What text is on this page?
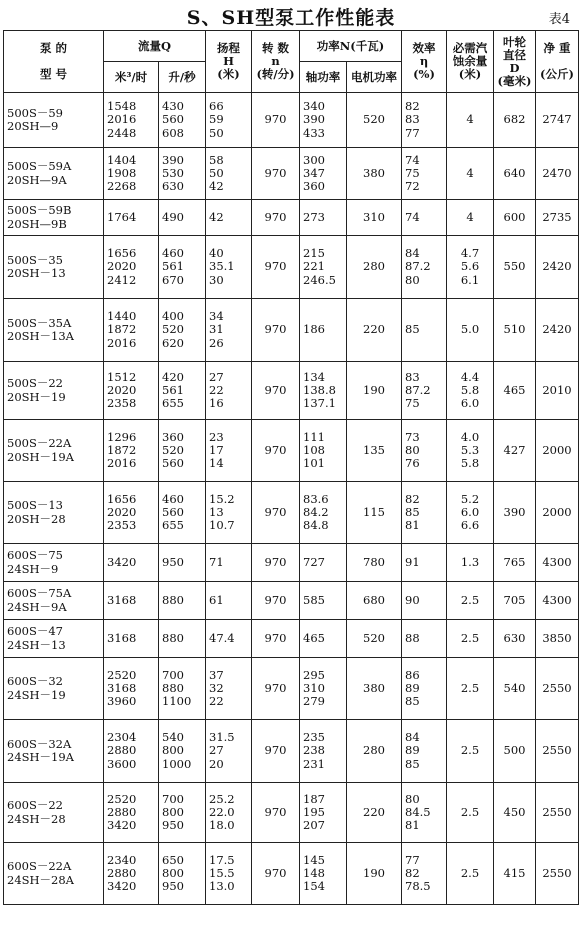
S、SH型泵工作性能表	表4
泵 的

型 号	流量Q		扬程
H
(米)	转 数
n
(转/分)	功率N(千瓦)		效率
η
(%)	必需汽
蚀余量
(米)	叶轮
直径
D
(毫米)	净 重

(公斤)
	米³/时	升/秒			轴功率	电机功率				
500S－59
20SH—9	1548
2016
2448	430
560
608	66
59
50	970	340
390
433	520	82
83
77	4	682	2747
500S－59A
20SH—9A	1404
1908
2268	390
530
630	58
50
42	970	300
347
360	380	74
75
72	4	640	2470
500S－59B
20SH—9B	1764	490	42	970	273	310	74	4	600	2735
500S－35
20SH－13	1656
2020
2412	460
561
670	40
35.1
30	970	215
221
246.5	280	84
87.2
80	4.7
5.6
6.1	550	2420
500S－35A
20SH－13A	1440
1872
2016	400
520
620	34
31
26	970	186	220	85	5.0	510	2420
500S－22
20SH－19	1512
2020
2358	420
561
655	27
22
16	970	134
138.8
137.1	190	83
87.2
75	4.4
5.8
6.0	465	2010
500S－22A
20SH－19A	1296
1872
2016	360
520
560	23
17
14	970	111
108
101	135	73
80
76	4.0
5.3
5.8	427	2000
500S－13
20SH－28	1656
2020
2353	460
560
655	15.2
13
10.7	970	83.6
84.2
84.8	115	82
85
81	5.2
6.0
6.6	390	2000
600S－75
24SH－9	3420	950	71	970	727	780	91	1.3	765	4300
600S－75A
24SH－9A	3168	880	61	970	585	680	90	2.5	705	4300
600S－47
24SH－13	3168	880	47.4	970	465	520	88	2.5	630	3850
600S－32
24SH－19	2520
3168
3960	700
880
1100	37
32
22	970	295
310
279	380	86
89
85	2.5	540	2550
600S－32A
24SH－19A	2304
2880
3600	540
800
1000	31.5
27
20	970	235
238
231	280	84
89
85	2.5	500	2550
600S－22
24SH－28	2520
2880
3420	700
800
950	25.2
22.0
18.0	970	187
195
207	220	80
84.5
81	2.5	450	2550
600S－22A
24SH－28A	2340
2880
3420	650
800
950	17.5
15.5
13.0	970	145
148
154	190	77
82
78.5	2.5	415	2550
